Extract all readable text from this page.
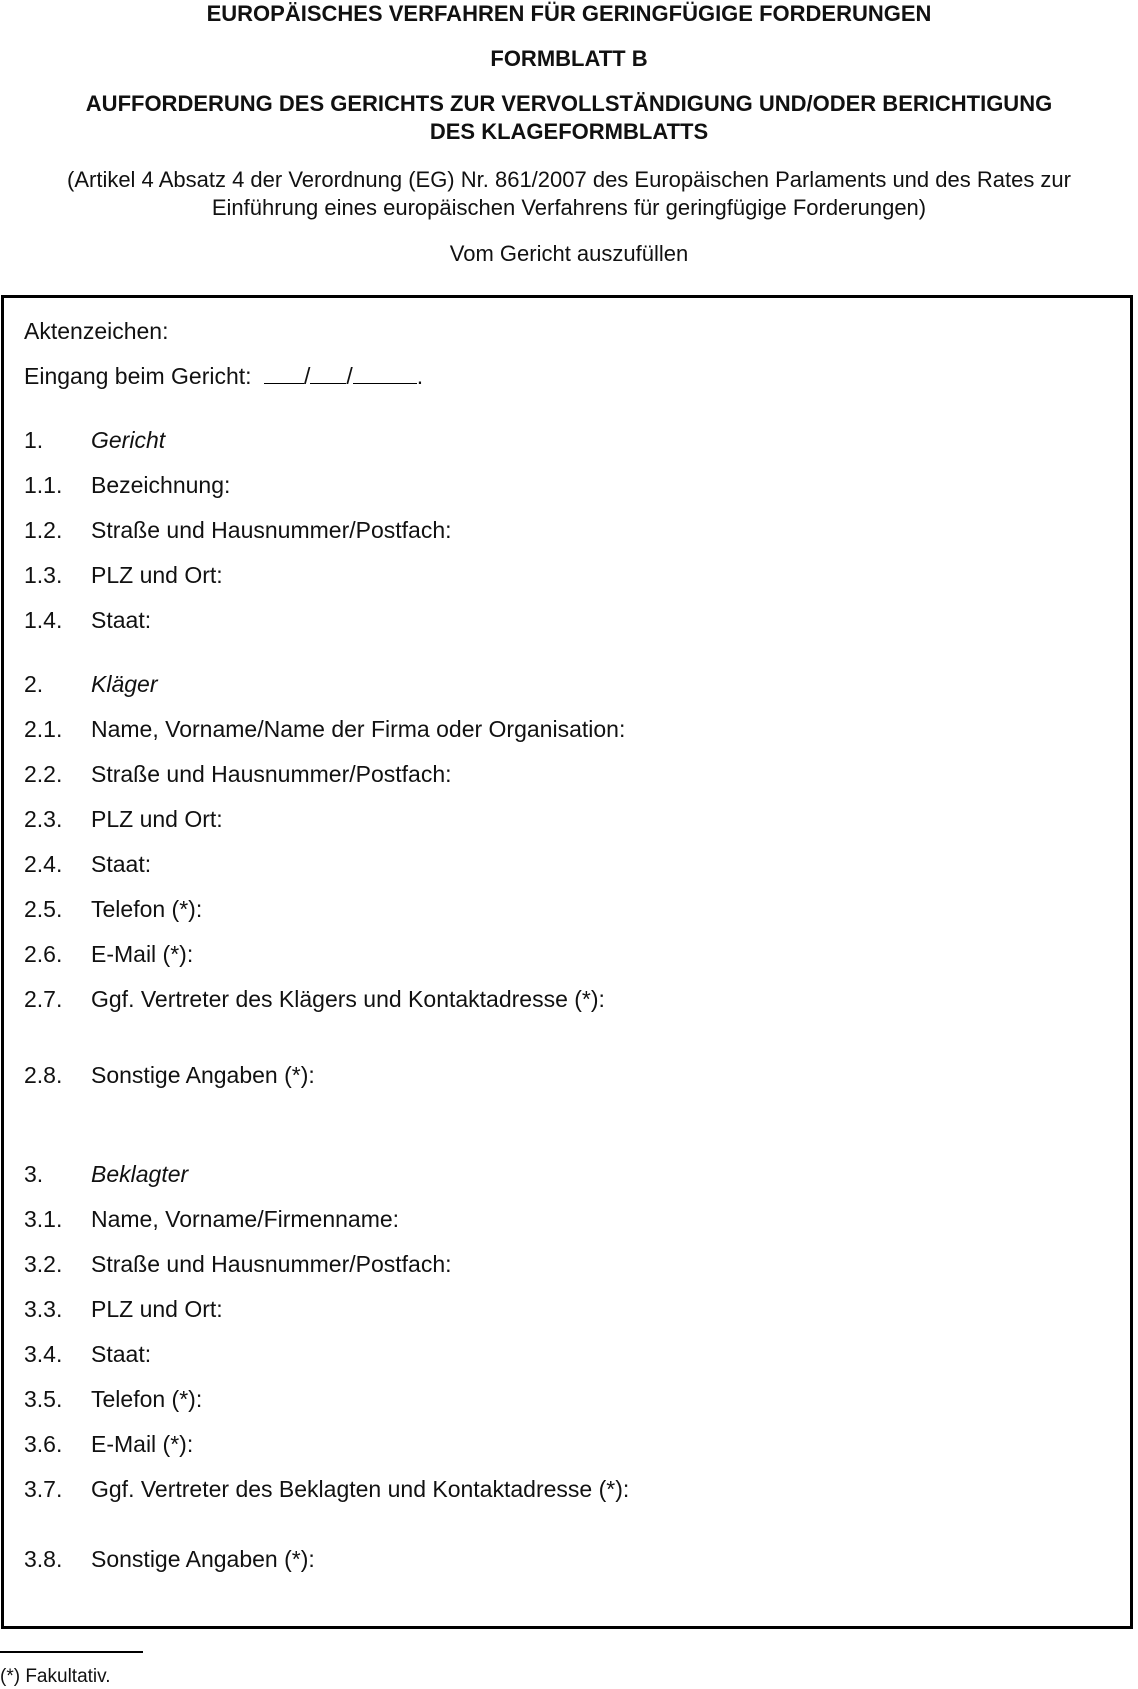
EUROPÄISCHES VERFAHREN FÜR GERINGFÜGIGE FORDERUNGEN
FORMBLATT B
AUFFORDERUNG DES GERICHTS ZUR VERVOLLSTÄNDIGUNG UND/ODER BERICHTIGUNG
DES KLAGEFORMBLATTS
(Artikel 4 Absatz 4 der Verordnung (EG) Nr. 861/2007 des Europäischen Parlaments und des Rates zur
Einführung eines europäischen Verfahrens für geringfügige Forderungen)
Vom Gericht auszufüllen
Aktenzeichen:
Eingang beim Gericht: / /	.
1. Gericht
1.1. Bezeichnung:
1.2. Straße und Hausnummer/Postfach:
1.3. PLZ und Ort:
1.4. Staat:
2. Kläger
2.1. Name, Vorname/Name der Firma oder Organisation:
2.2. Straße und Hausnummer/Postfach:
2.3. PLZ und Ort:
2.4. Staat:
2.5. Telefon (*):
2.6. E-Mail (*):
2.7. Ggf. Vertreter des Klägers und Kontaktadresse (*):
2.8. Sonstige Angaben (*):
3. Beklagter
3.1. Name, Vorname/Firmenname:
3.2. Straße und Hausnummer/Postfach:
3.3. PLZ und Ort:
3.4. Staat:
3.5. Telefon (*):
3.6. E-Mail (*):
3.7. Ggf. Vertreter des Beklagten und Kontaktadresse (*):
3.8. Sonstige Angaben (*):
(*) Fakultativ.
